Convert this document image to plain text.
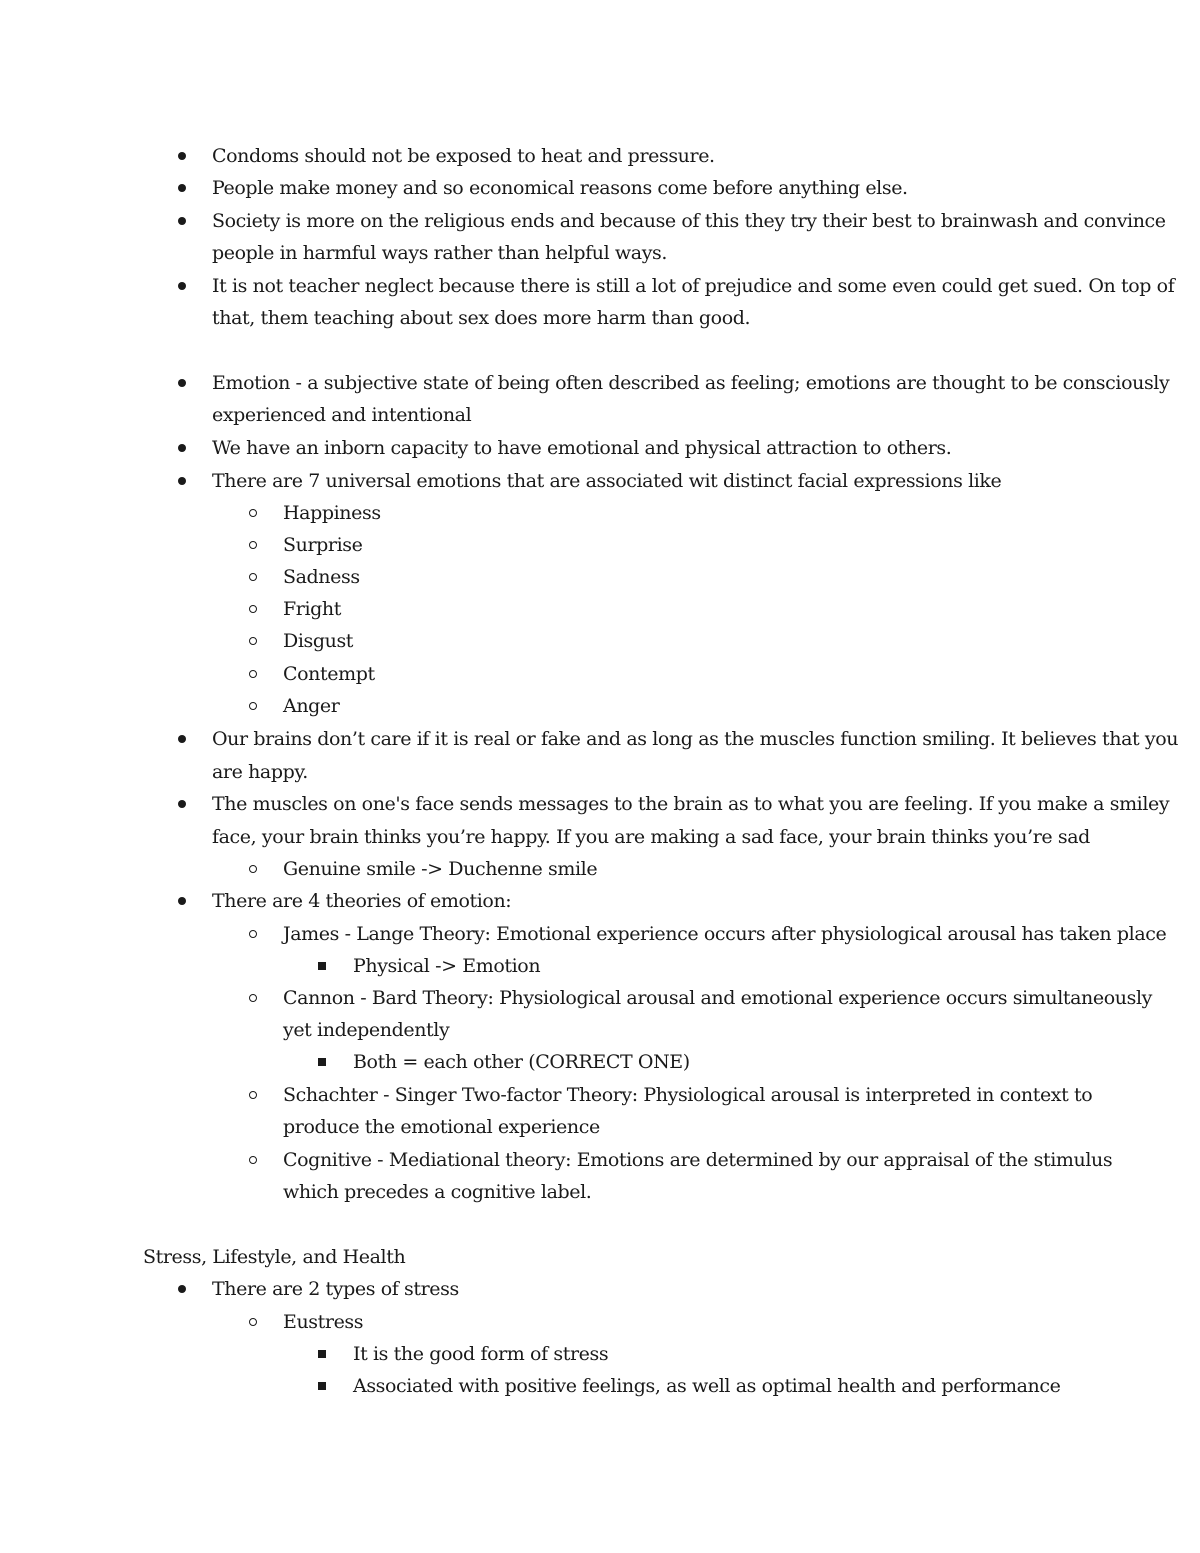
Condoms should not be exposed to heat and pressure.
People make money and so economical reasons come before anything else.
Society is more on the religious ends and because of this they try their best to brainwash and convince
people in harmful ways rather than helpful ways.
It is not teacher neglect because there is still a lot of prejudice and some even could get sued. On top of
that, them teaching about sex does more harm than good.
Emotion - a subjective state of being often described as feeling; emotions are thought to be consciously
experienced and intentional
We have an inborn capacity to have emotional and physical attraction to others.
There are 7 universal emotions that are associated wit distinct facial expressions like
Happiness
Surprise
Sadness
Fright
Disgust
Contempt
Anger
Our brains don’t care if it is real or fake and as long as the muscles function smiling. It believes that you
are happy.
The muscles on one's face sends messages to the brain as to what you are feeling. If you make a smiley
face, your brain thinks you’re happy. If you are making a sad face, your brain thinks you’re sad
Genuine smile -> Duchenne smile
There are 4 theories of emotion:
James - Lange Theory: Emotional experience occurs after physiological arousal has taken place
Physical -> Emotion
Cannon - Bard Theory: Physiological arousal and emotional experience occurs simultaneously
yet independently
Both = each other (CORRECT ONE)
Schachter - Singer Two-factor Theory: Physiological arousal is interpreted in context to
produce the emotional experience
Cognitive - Mediational theory: Emotions are determined by our appraisal of the stimulus
which precedes a cognitive label.
Stress, Lifestyle, and Health
There are 2 types of stress
Eustress
It is the good form of stress
Associated with positive feelings, as well as optimal health and performance
